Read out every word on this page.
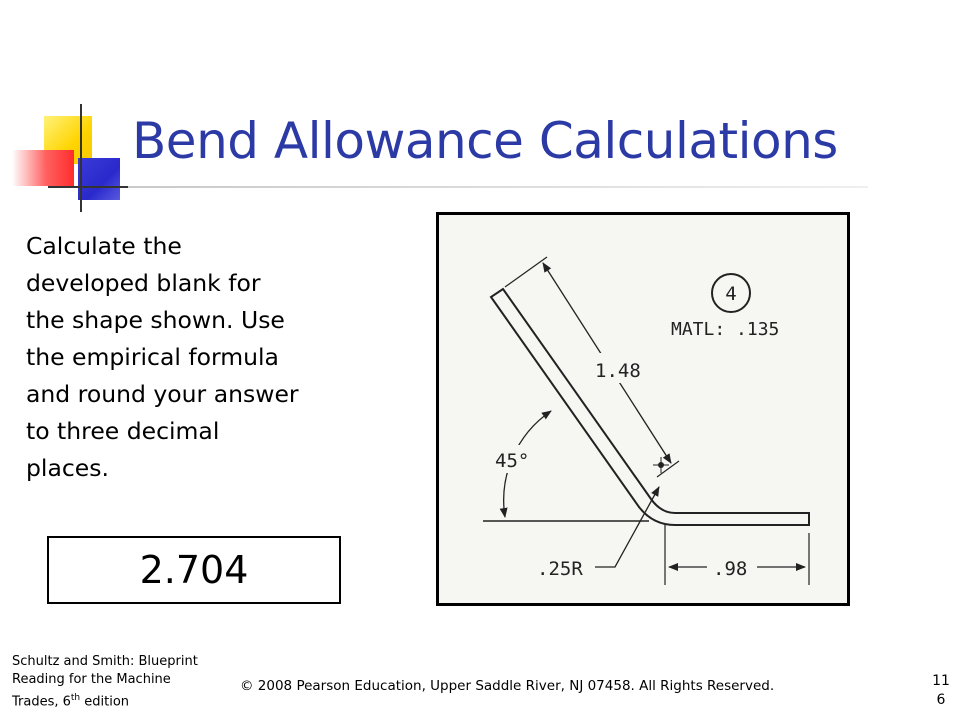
Bend Allowance Calculations
Calculate the
developed blank for
the shape shown. Use
the empirical formula
and round your answer
to three decimal
places.
2.704
4
MATL: .135
1.48
45°
.25R	.98
Schultz and Smith: Blueprint
Reading for the Machine
Trades, 6th edition
© 2008 Pearson Education, Upper Saddle River, NJ 07458. All Rights Reserved.	11
6
